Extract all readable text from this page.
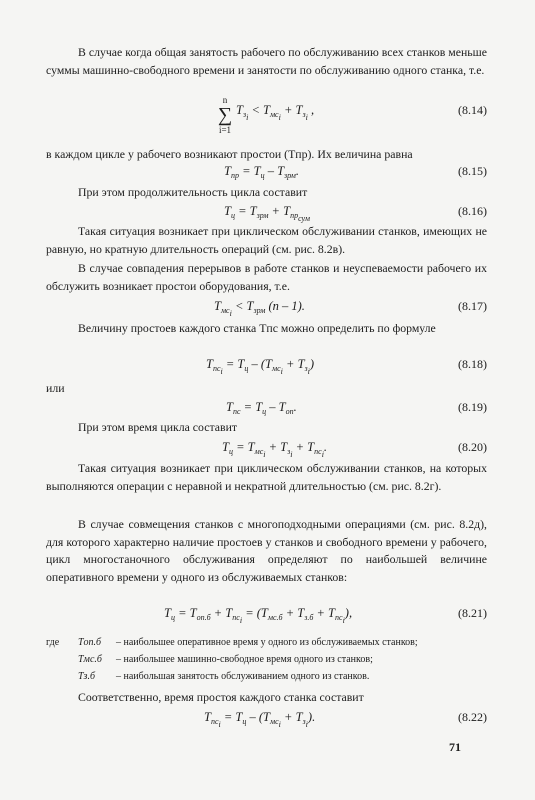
В случае когда общая занятость рабочего по обслуживанию всех станков меньше суммы машинно-свободного времени и занятости по обслуживанию одного станка, т.е.

n
∑
i=1
$T_{з_i} < T_{мс_i} + T_{з_i}$ ,	(8.14)

в каждом цикле у рабочего возникают простои (Tпр). Их величина равна

$T_{пр} = T_ц - T_{зрм}$.	(8.15)

При этом продолжительность цикла составит

$T_ц = T_{зрм} + T_{пр_{сум}}$
(8.16)

Такая ситуация возникает при циклическом обслуживании станков, имеющих не равную, но кратную длительность операций (см. рис. 8.2в).

В случае совпадения перерывов в работе станков и неуспеваемости рабочего их обслужить возникает простои оборудования, т.е.

$T_{мс_i} < T_{зрм}$ (n – 1).	(8.17)

Величину простоев каждого станка Tпс можно определить по формуле

$T_{пс_i} = T_ц - (T_{мс_i} + T_{з_i})$	(8.18)

или

$T_{пс} = T_ц - T_{оп}$.	(8.19)

При этом время цикла составит

$T_ц = T_{мс_i} + T_{з_i} + T_{пс_i}$.	(8.20)

Такая ситуация возникает при циклическом обслуживании станков, на которых выполняются операции с неравной и некратной длительностью (см. рис. 8.2г).

В случае совмещения станков с многоподходными операциями (см. рис. 8.2д), для которого характерно наличие простоев у станков и свободного времени у рабочего, цикл многостаночного обслуживания определяют по наибольшей величине оперативного времени у одного из обслуживаемых станков:

$T_ц = T_{оп.б} + T_{пс_i} = (T_{мс.б} + T_{з.б} + T_{пс_i})$,	(8.21)
где Tоп.б – наибольшее оперативное время у одного из обслуживаемых станков;
Tмс.б – наибольшее машинно-свободное время одного из станков;
Tз.б – наибольшая занятость обслуживанием одного из станков.

Соответственно, время простоя каждого станка составит

$T_{пс_i} = T_ц - (T_{мс_i} + T_{з_i})$.	(8.22)
71
